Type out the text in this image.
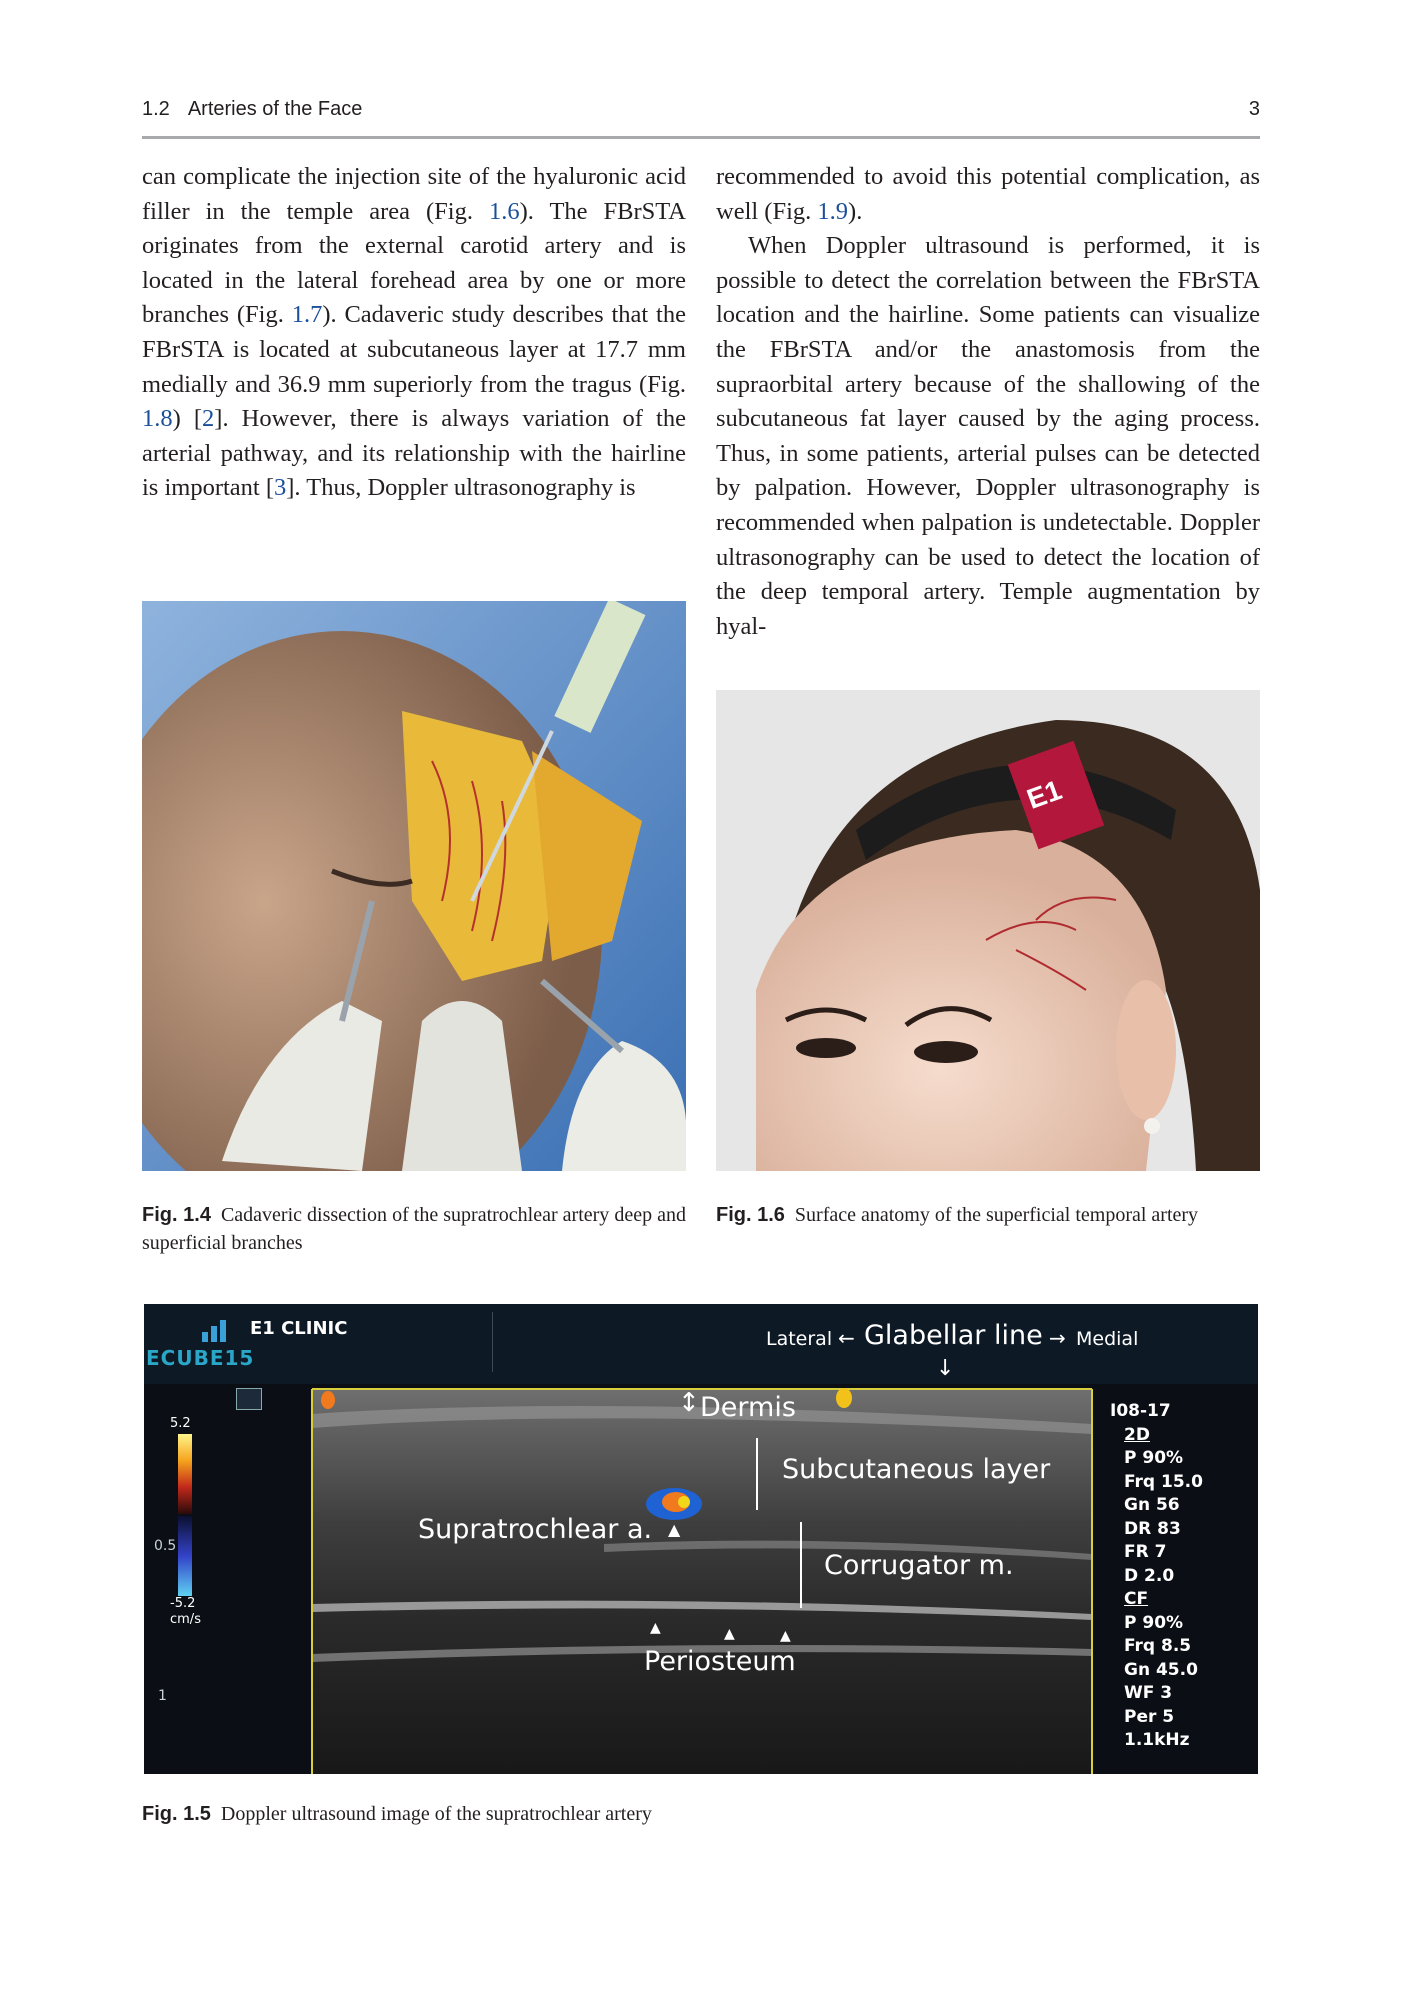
1.2 Arteries of the Face	3

can complicate the injection site of the hyaluronic acid filler in the temple area (Fig. 1.6). The FBrSTA originates from the external carotid artery and is located in the lateral forehead area by one or more branches (Fig. 1.7). Cadaveric study describes that the FBrSTA is located at subcutaneous layer at 17.7 mm medially and 36.9 mm superiorly from the tragus (Fig. 1.8) [2]. However, there is always variation of the arterial pathway, and its relationship with the hairline is important [3]. Thus, Doppler ultrasonography is

recommended to avoid this potential complication, as well (Fig. 1.9).

When Doppler ultrasound is performed, it is possible to detect the correlation between the FBrSTA location and the hairline. Some patients can visualize the FBrSTA and/or the anastomosis from the supraorbital artery because of the shallowing of the subcutaneous fat layer caused by the aging process. Thus, in some patients, arterial pulses can be detected by palpation. However, Doppler ultrasonography is recommended when palpation is undetectable. Doppler ultrasonography can be used to detect the location of the deep temporal artery. Temple augmentation by hyal-

E1
Fig. 1.4 Cadaveric dissection of the supratrochlear artery deep and superficial branches
Fig. 1.6 Surface anatomy of the superficial temporal artery
E1 CLINIC
ECUBE15
Lateral ← Glabellar line → Medial
↓
5.2
-5.2
cm/s
0.5
1
↕ Dermis
Subcutaneous layer
Supratrochlear a. ▲
Corrugator m.
▲	▲	▲
Periosteum
I08-17
2D
P 90%
Frq 15.0
Gn 56
DR 83
FR 7
D 2.0
CF
P 90%
Frq 8.5
Gn 45.0
WF 3
Per 5
1.1kHz
Fig. 1.5 Doppler ultrasound image of the supratrochlear artery
